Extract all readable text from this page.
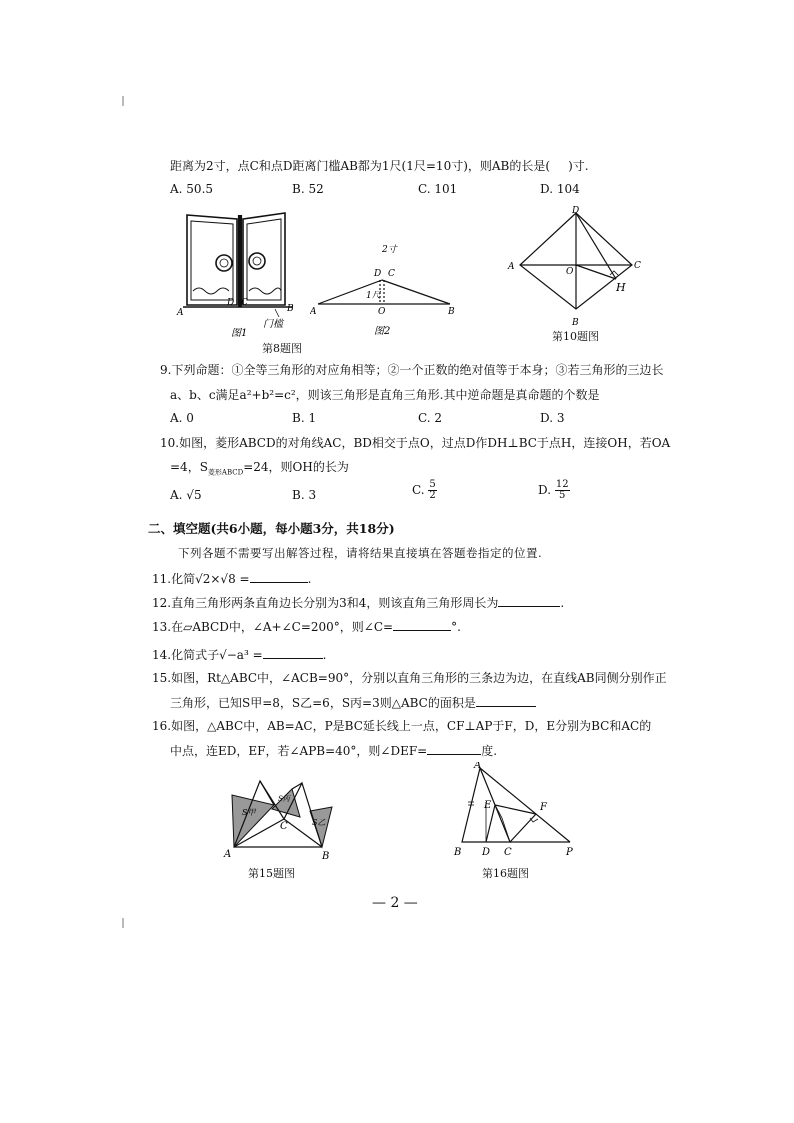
距离为2寸，点C和点D距离门槛AB都为1尺(1尺=10寸)，则AB的长是( )寸.
A. 50.5	B. 52	C. 101	D. 104
A	B
D C
门槛
图1
2寸
D C
1尺
A	O	B
图2
第8题图
A
B
C
D
O
H
第10题图
9.下列命题：①全等三角形的对应角相等；②一个正数的绝对值等于本身；③若三角形的三边长
a、b、c满足a²+b²=c²，则该三角形是直角三角形.其中逆命题是真命题的个数是
A. 0	B. 1	C. 2	D. 3
10.如图，菱形ABCD的对角线AC，BD相交于点O，过点D作DH⊥BC于点H，连接OH，若OA
=4，$S_{菱形ABCD}=24$，则OH的长为
A. √5	B. 3	C. $\frac{5}{2}$	D. $\frac{12}{5}$
二、填空题(共6小题，每小题3分，共18分)
下列各题不需要写出解答过程，请将结果直接填在答题卷指定的位置.
11.化简√2×√8 =	.
12.直角三角形两条直角边长分别为3和4，则该直角三角形周长为	.
13.在▱ABCD中，∠A+∠C=200°，则∠C=	°.
14.化简式子√−a³ =	.
15.如图，Rt△ABC中，∠ACB=90°，分别以直角三角形的三条边为边，在直线AB同侧分别作正
三角形，已知S甲=8，S乙=6，S丙=3则△ABC的面积是
16.如图，△ABC中，AB=AC，P是BC延长线上一点，CF⊥AP于F，D，E分别为BC和AC的
中点，连ED，EF，若∠APB=40°，则∠DEF=	度.
S甲
S乙
S丙
A	B
C
第15题图
A
B	C
D
E	F
P
第16题图
— 2 —
